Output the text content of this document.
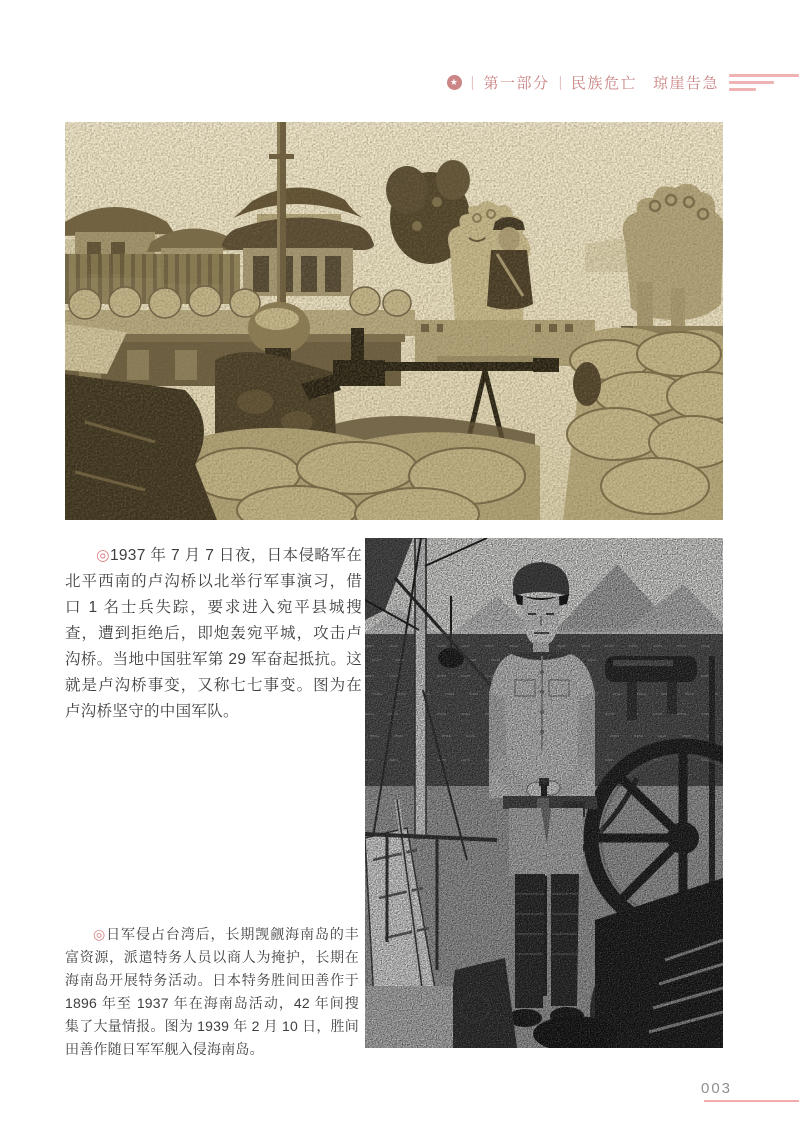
★ | 第一部分 | 民族危亡 琼崖告急

◎1937 年 7 月 7 日夜，日本侵略军在北平西南的卢沟桥以北举行军事演习，借口 1 名士兵失踪，要求进入宛平县城搜查，遭到拒绝后，即炮轰宛平城，攻击卢沟桥。当地中国驻军第 29 军奋起抵抗。这就是卢沟桥事变，又称七七事变。图为在卢沟桥坚守的中国军队。

◎日军侵占台湾后，长期觊觎海南岛的丰富资源，派遣特务人员以商人为掩护，长期在海南岛开展特务活动。日本特务胜间田善作于 1896 年至 1937 年在海南岛活动，42 年间搜集了大量情报。图为 1939 年 2 月 10 日，胜间田善作随日军军舰入侵海南岛。

003
